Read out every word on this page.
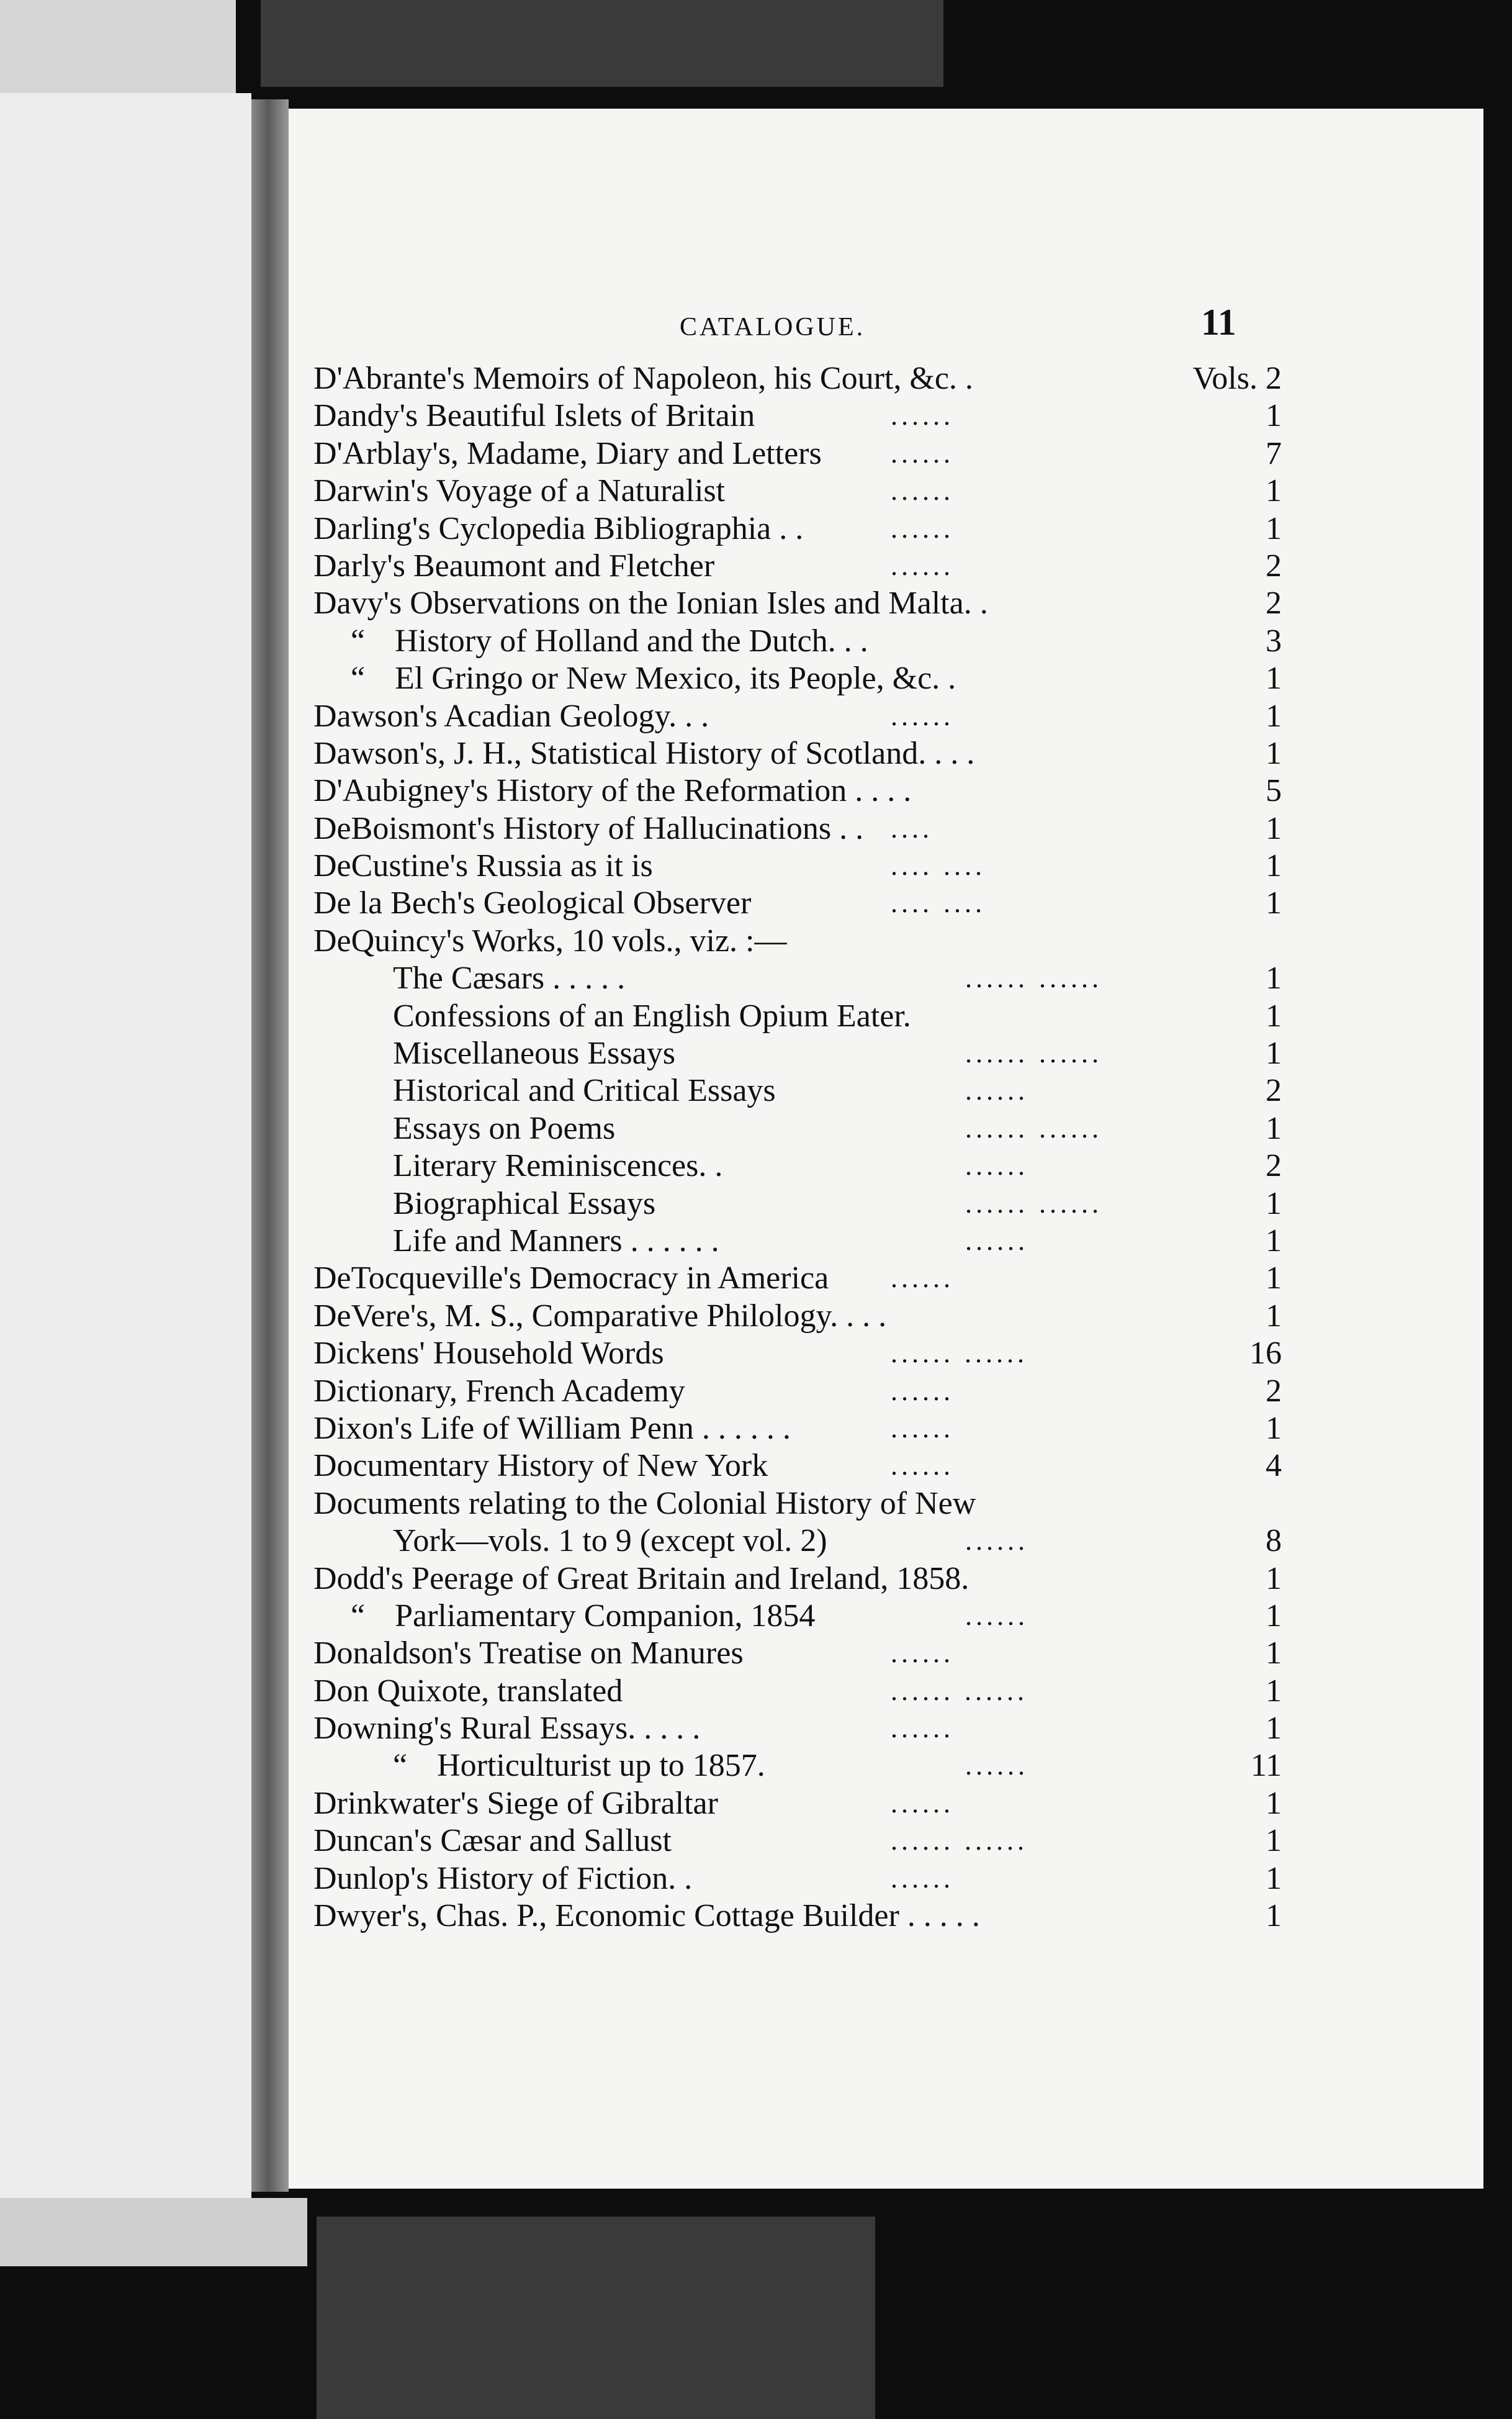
CATALOGUE.	11
D'Abrante's Memoirs of Napoleon, his Court, &c. .	Vols. 2
Dandy's Beautiful Islets of Britain	......	1
D'Arblay's, Madame, Diary and Letters	......	7
Darwin's Voyage of a Naturalist	......	1
Darling's Cyclopedia Bibliographia . .	......	1
Darly's Beaumont and Fletcher	......	2
Davy's Observations on the Ionian Isles and Malta. .	2
“ History of Holland and the Dutch. . .	3
“ El Gringo or New Mexico, its People, &c. .	1
Dawson's Acadian Geology. . .	......	1
Dawson's, J. H., Statistical History of Scotland. . . .	1
D'Aubigney's History of the Reformation . . . .	5
DeBoismont's History of Hallucinations . . ....	1
DeCustine's Russia as it is	.... ....	1
De la Bech's Geological Observer	.... ....	1
DeQuincy's Works, 10 vols., viz. :—
The Cæsars . . . . .	...... ......	1
Confessions of an English Opium Eater.	1
Miscellaneous Essays	...... ......	1
Historical and Critical Essays	......	2
Essays on Poems	...... ......	1
Literary Reminiscences. .	......	2
Biographical Essays	...... ......	1
Life and Manners . . . . . .	......	1
DeTocqueville's Democracy in America ......	1
DeVere's, M. S., Comparative Philology. . . .	1
Dickens' Household Words	...... ......	16
Dictionary, French Academy	......	2
Dixon's Life of William Penn . . . . . .	......	1
Documentary History of New York	......	4
Documents relating to the Colonial History of New
York—vols. 1 to 9 (except vol. 2)	......	8
Dodd's Peerage of Great Britain and Ireland, 1858.	1
“ Parliamentary Companion, 1854	......	1
Donaldson's Treatise on Manures	......	1
Don Quixote, translated	...... ......	1
Downing's Rural Essays. . . . .	......	1
“ Horticulturist up to 1857.	......	11
Drinkwater's Siege of Gibraltar	......	1
Duncan's Cæsar and Sallust	...... ......	1
Dunlop's History of Fiction. .	......	1
Dwyer's, Chas. P., Economic Cottage Builder . . . . .	1
